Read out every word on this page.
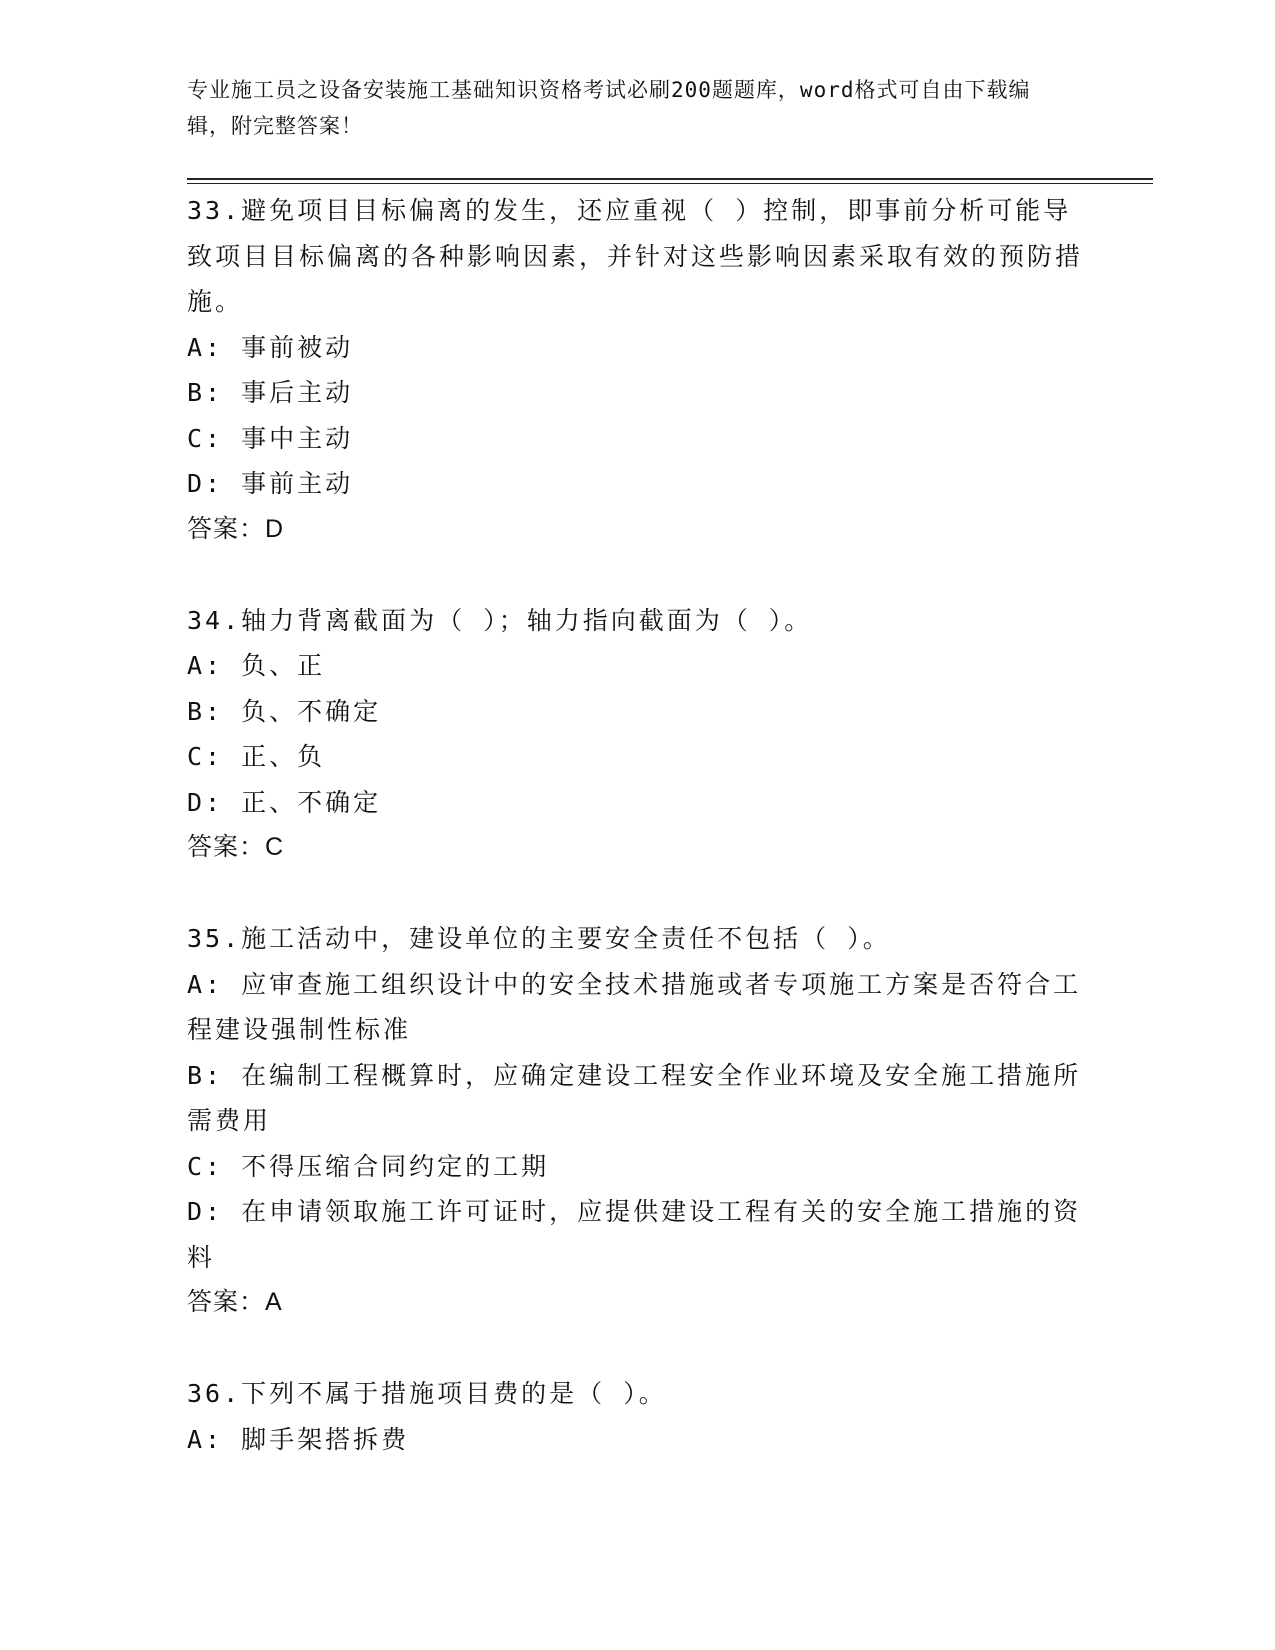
专业施工员之设备安装施工基础知识资格考试必刷200题题库，word格式可自由下载编辑，附完整答案！

33.避免项目目标偏离的发生，还应重视（ ）控制，即事前分析可能导致项目目标偏离的各种影响因素，并针对这些影响因素采取有效的预防措施。

A: 事前被动

B: 事后主动

C: 事中主动

D: 事前主动

答案：D

34.轴力背离截面为（ ）；轴力指向截面为（ ）。

A: 负、正

B: 负、不确定

C: 正、负

D: 正、不确定

答案：C

35.施工活动中，建设单位的主要安全责任不包括（ ）。

A: 应审查施工组织设计中的安全技术措施或者专项施工方案是否符合工程建设强制性标准

B: 在编制工程概算时，应确定建设工程安全作业环境及安全施工措施所需费用

C: 不得压缩合同约定的工期

D: 在申请领取施工许可证时，应提供建设工程有关的安全施工措施的资料

答案：A

36.下列不属于措施项目费的是（ ）。

A: 脚手架搭拆费
